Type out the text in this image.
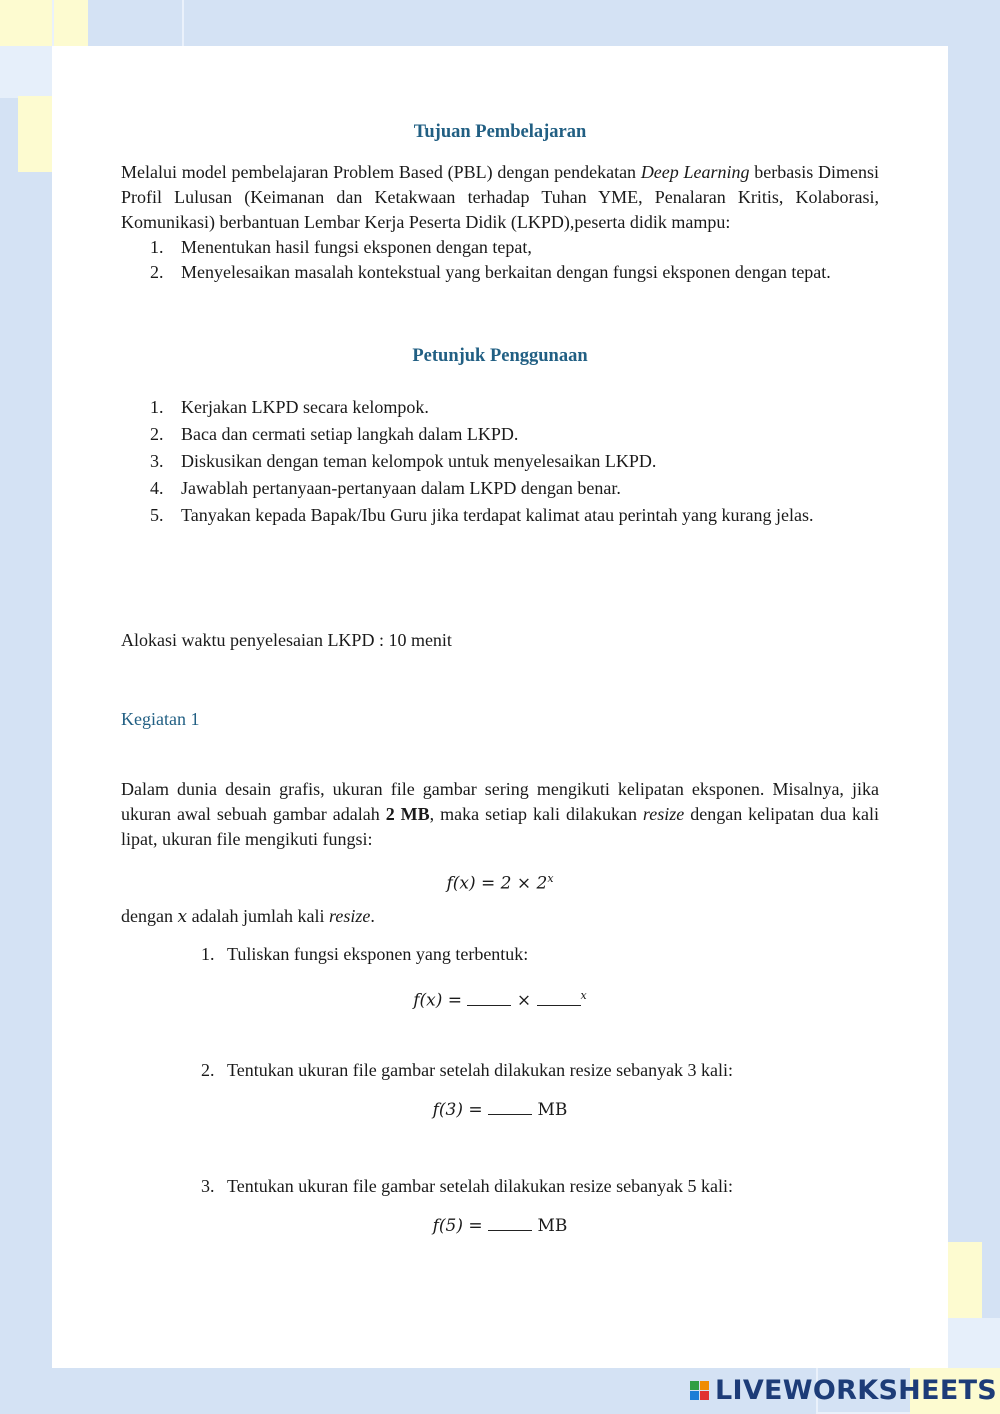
Tujuan Pembelajaran

Melalui model pembelajaran Problem Based (PBL) dengan pendekatan Deep Learning berbasis Dimensi Profil Lulusan (Keimanan dan Ketakwaan terhadap Tuhan YME, Penalaran Kritis, Kolaborasi, Komunikasi) berbantuan Lembar Kerja Peserta Didik (LKPD),peserta didik mampu:

1. Menentukan hasil fungsi eksponen dengan tepat,
2. Menyelesaikan masalah kontekstual yang berkaitan dengan fungsi eksponen dengan tepat.
Petunjuk Penggunaan
1. Kerjakan LKPD secara kelompok.
2. Baca dan cermati setiap langkah dalam LKPD.
3. Diskusikan dengan teman kelompok untuk menyelesaikan LKPD.
4. Jawablah pertanyaan-pertanyaan dalam LKPD dengan benar.
5. Tanyakan kepada Bapak/Ibu Guru jika terdapat kalimat atau perintah yang kurang jelas.
Alokasi waktu penyelesaian LKPD : 10 menit
Kegiatan 1

Dalam dunia desain grafis, ukuran file gambar sering mengikuti kelipatan eksponen. Misalnya, jika ukuran awal sebuah gambar adalah 2 MB, maka setiap kali dilakukan resize dengan kelipatan dua kali lipat, ukuran file mengikuti fungsi:

$f(x) = 2 \times 2^x$
dengan x adalah jumlah kali resize.
1. Tuliskan fungsi eksponen yang terbentuk:
f(x) =	×	$^x$
2. Tentukan ukuran file gambar setelah dilakukan resize sebanyak 3 kali:
f(3) =	MB
3. Tentukan ukuran file gambar setelah dilakukan resize sebanyak 5 kali:
f(5) =	MB
LIVEWORKSHEETS
